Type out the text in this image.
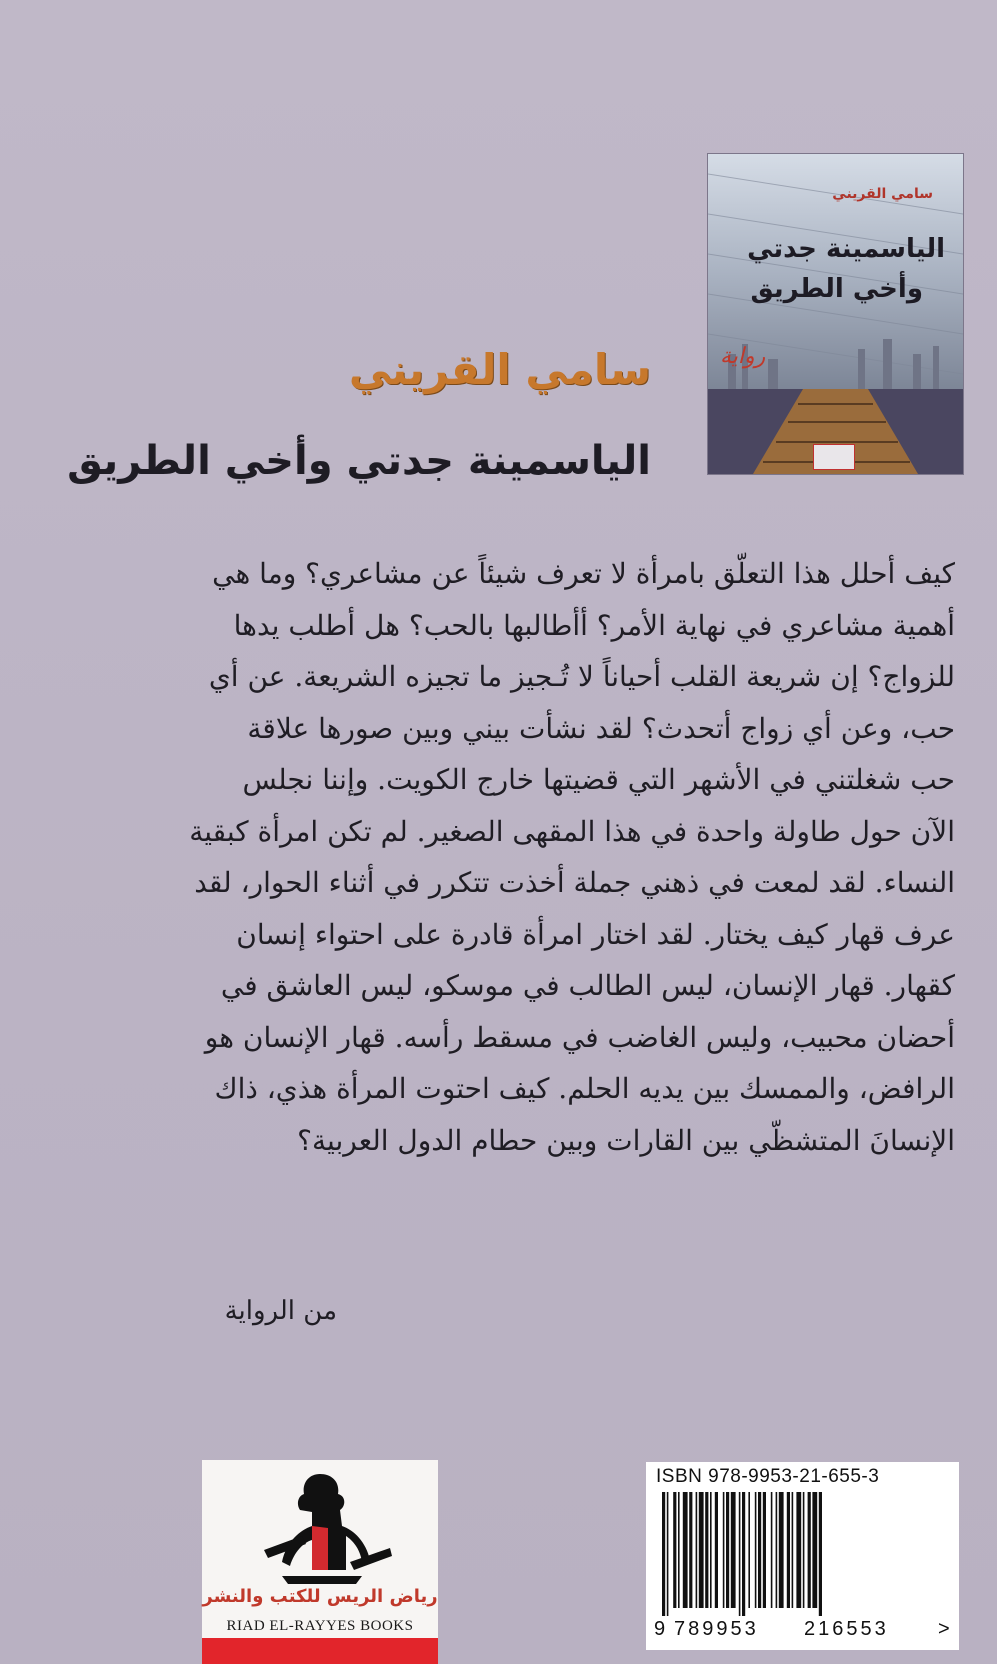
سامي القريني
الياسمينة جدتي
وأخي الطريق
رواية
سامي القريني
الياسمينة جدتي وأخي الطريق
كيف أحلل هذا التعلّق بامرأة لا تعرف شيئاً عن مشاعري؟ وما هي
أهمية مشاعري في نهاية الأمر؟ أأطالبها بالحب؟ هل أطلب يدها
للزواج؟ إن شريعة القلب أحياناً لا تُـجيز ما تجيزه الشريعة. عن أي
حب، وعن أي زواج أتحدث؟ لقد نشأت بيني وبين صورها علاقة
حب شغلتني في الأشهر التي قضيتها خارج الكويت. وإننا نجلس
الآن حول طاولة واحدة في هذا المقهى الصغير. لم تكن امرأة كبقية
النساء. لقد لمعت في ذهني جملة أخذت تتكرر في أثناء الحوار، لقد
عرف قهار كيف يختار. لقد اختار امرأة قادرة على احتواء إنسان
كقهار. قهار الإنسان، ليس الطالب في موسكو، ليس العاشق في
أحضان محبيب، وليس الغاضب في مسقط رأسه. قهار الإنسان هو
الرافض، والممسك بين يديه الحلم. كيف احتوت المرأة هذي، ذاك
الإنسانَ المتشظّي بين القارات وبين حطام الدول العربية؟
من الرواية
رياض الريس للكتب والنشر
RIAD EL-RAYYES BOOKS
ISBN 978-9953-21-655-3
9 789953 216553 >
